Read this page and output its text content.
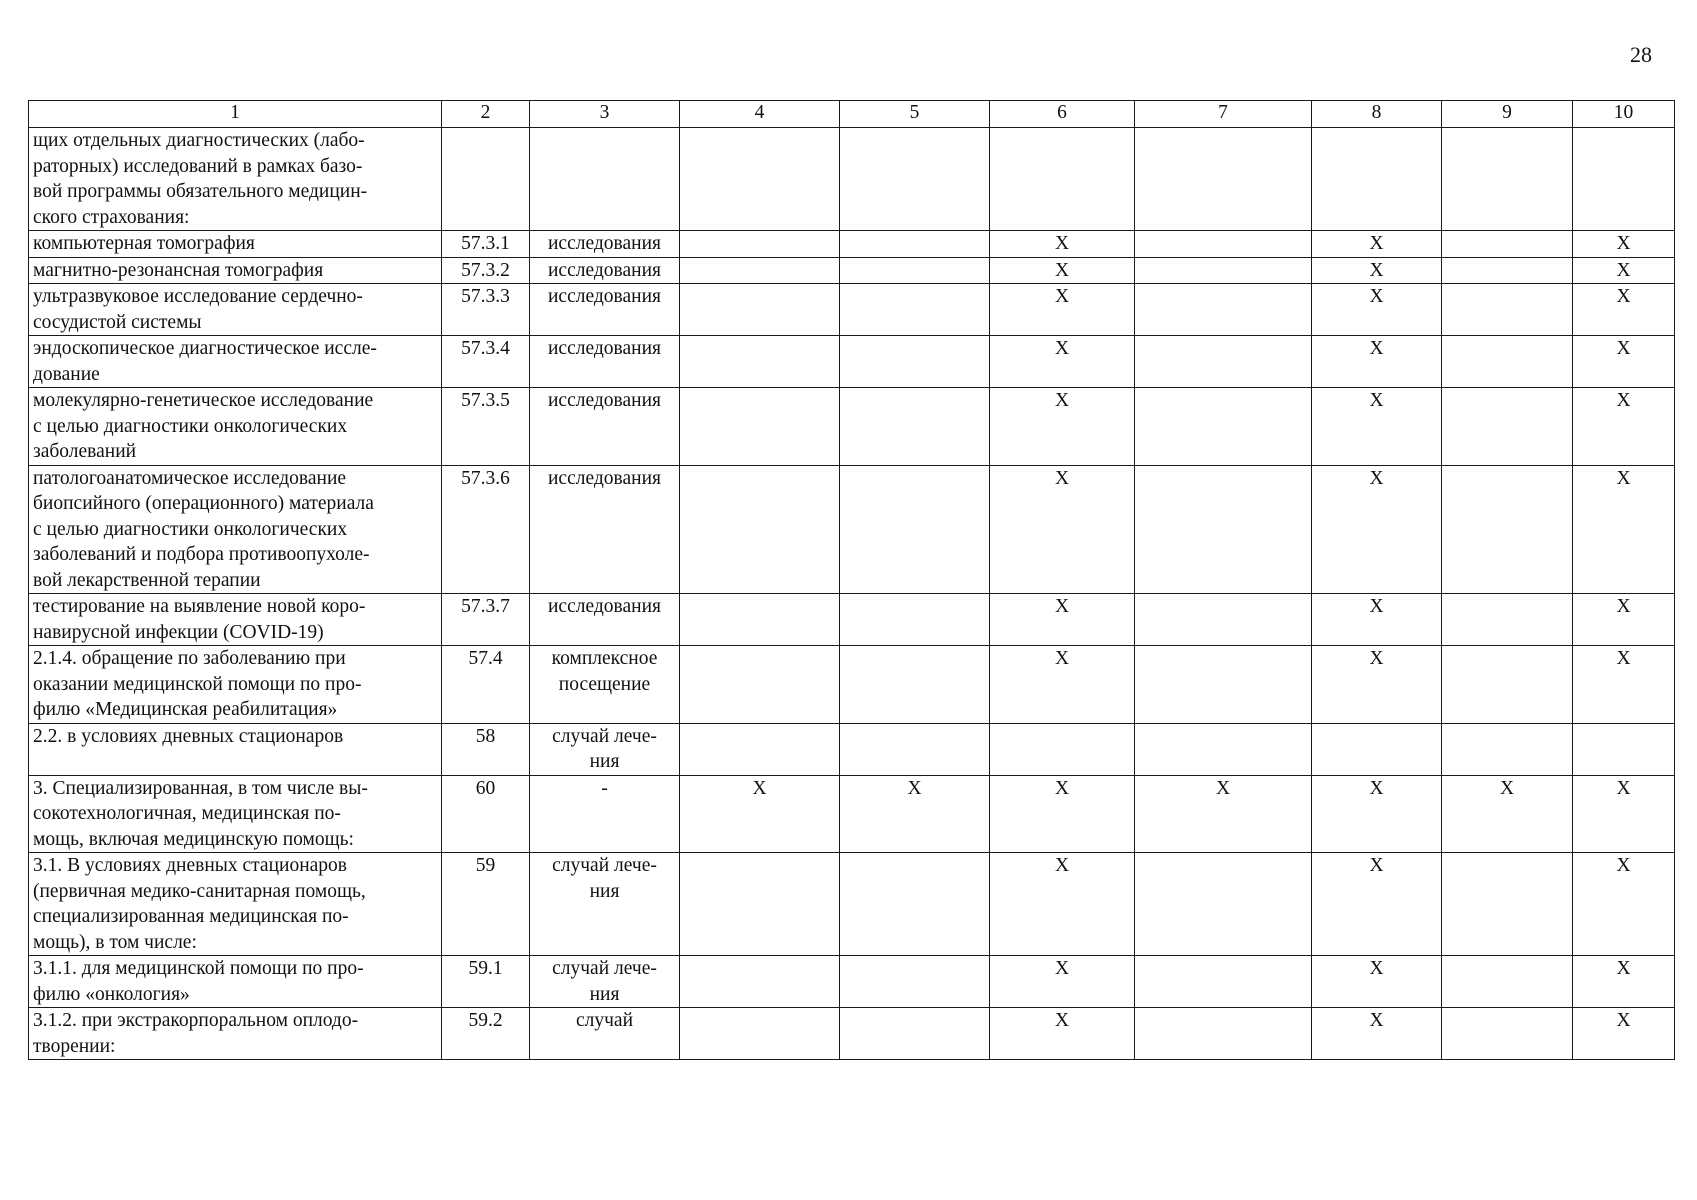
28
1	2	3	4	5	6	7	8	9	10
щих отдельных диагностических (лабо-
раторных) исследований в рамках базо-
вой программы обязательного медицин-
ского страхования:									
компьютерная томография	57.3.1	исследования			X		X		X
магнитно-резонансная томография	57.3.2	исследования			X		X		X
ультразвуковое исследование сердечно-
сосудистой системы	57.3.3	исследования			X		X		X
эндоскопическое диагностическое иссле-
дование	57.3.4	исследования			X		X		X
молекулярно-генетическое исследование
с целью диагностики онкологических
заболеваний	57.3.5	исследования			X		X		X
патологоанатомическое исследование
биопсийного (операционного) материала
с целью диагностики онкологических
заболеваний и подбора противоопухоле-
вой лекарственной терапии	57.3.6	исследования			X		X		X
тестирование на выявление новой коро-
навирусной инфекции (COVID-19)	57.3.7	исследования			X		X		X
2.1.4. обращение по заболеванию при
оказании медицинской помощи по про-
филю «Медицинская реабилитация»	57.4	комплексное
посещение			X		X		X
2.2. в условиях дневных стационаров	58	случай лече-
ния							
3. Специализированная, в том числе вы-
сокотехнологичная, медицинская по-
мощь, включая медицинскую помощь:	60	-	X	X	X	X	X	X	X
3.1. В условиях дневных стационаров
(первичная медико-санитарная помощь,
специализированная медицинская по-
мощь), в том числе:	59	случай лече-
ния			X		X		X
3.1.1. для медицинской помощи по про-
филю «онкология»	59.1	случай лече-
ния			X		X		X
3.1.2. при экстракорпоральном оплодо-
творении:	59.2	случай			X		X		X
